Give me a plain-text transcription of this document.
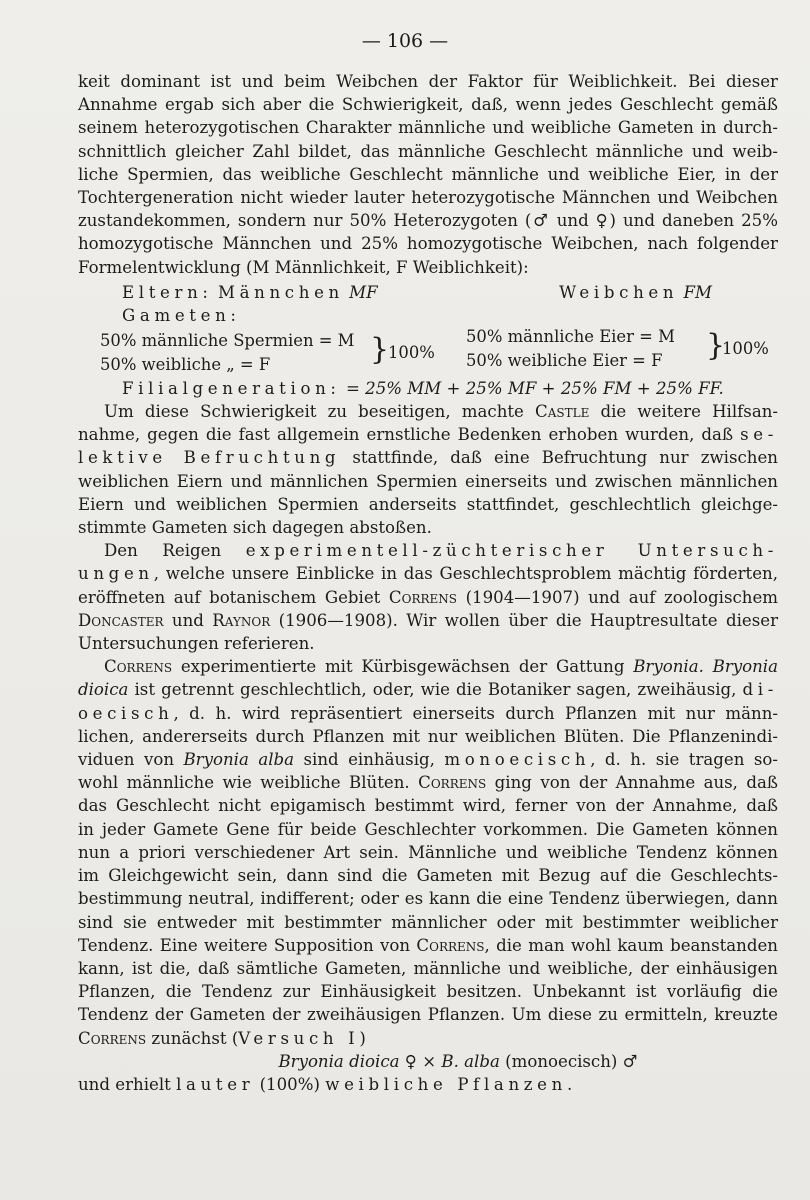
— 106 —
keit dominant ist und beim Weibchen der Faktor für Weiblichkeit. Bei dieser
Annahme ergab sich aber die Schwierigkeit, daß, wenn jedes Geschlecht gemäß
seinem heterozygotischen Charakter männliche und weibliche Gameten in durch-
schnittlich gleicher Zahl bildet, das männliche Geschlecht männliche und weib-
liche Spermien, das weibliche Geschlecht männliche und weibliche Eier, in der
Tochtergeneration nicht wieder lauter heterozygotische Männchen und Weibchen
zustandekommen, sondern nur 50% Heterozygoten (♂ und ♀) und daneben 25%
homozygotische Männchen und 25% homozygotische Weibchen, nach folgender
Formelentwicklung (M Männlichkeit, F Weiblichkeit):
Eltern: Männchen MF	Weibchen FM
Gameten:
50% männliche Spermien = M
50% weibliche „ = F	}
100%
50% männliche Eier = M
50% weibliche Eier = F }
100%
Filialgeneration: = 25% MM + 25% MF + 25% FM + 25% FF.
Um diese Schwierigkeit zu beseitigen, machte Castle die weitere Hilfsan-
nahme, gegen die fast allgemein ernstliche Bedenken erhoben wurden, daß se-
lektive Befruchtung stattfinde, daß eine Befruchtung nur zwischen
weiblichen Eiern und männlichen Spermien einerseits und zwischen männlichen
Eiern und weiblichen Spermien anderseits stattfindet, geschlechtlich gleichge-
stimmte Gameten sich dagegen abstoßen.
Den Reigen experimentell-züchterischer Untersuch-
ungen, welche unsere Einblicke in das Geschlechtsproblem mächtig förderten,
eröffneten auf botanischem Gebiet Correns (1904—1907) und auf zoologischem
Doncaster und Raynor (1906—1908). Wir wollen über die Hauptresultate dieser
Untersuchungen referieren.
Correns experimentierte mit Kürbisgewächsen der Gattung Bryonia. Bryonia
dioica ist getrennt geschlechtlich, oder, wie die Botaniker sagen, zweihäusig, di-
oecisch, d. h. wird repräsentiert einerseits durch Pflanzen mit nur männ-
lichen, andererseits durch Pflanzen mit nur weiblichen Blüten. Die Pflanzenindi-
viduen von Bryonia alba sind einhäusig, monoecisch, d. h. sie tragen so-
wohl männliche wie weibliche Blüten. Correns ging von der Annahme aus, daß
das Geschlecht nicht epigamisch bestimmt wird, ferner von der Annahme, daß
in jeder Gamete Gene für beide Geschlechter vorkommen. Die Gameten können
nun a priori verschiedener Art sein. Männliche und weibliche Tendenz können
im Gleichgewicht sein, dann sind die Gameten mit Bezug auf die Geschlechts-
bestimmung neutral, indifferent; oder es kann die eine Tendenz überwiegen, dann
sind sie entweder mit bestimmter männlicher oder mit bestimmter weiblicher
Tendenz. Eine weitere Supposition von Correns, die man wohl kaum beanstanden
kann, ist die, daß sämtliche Gameten, männliche und weibliche, der einhäusigen
Pflanzen, die Tendenz zur Einhäusigkeit besitzen. Unbekannt ist vorläufig die
Tendenz der Gameten der zweihäusigen Pflanzen. Um diese zu ermitteln, kreuzte
Correns zunächst (Versuch I)
Bryonia dioica ♀ × B. alba (monoecisch) ♂
und erhielt lauter (100%) weibliche Pflanzen.
